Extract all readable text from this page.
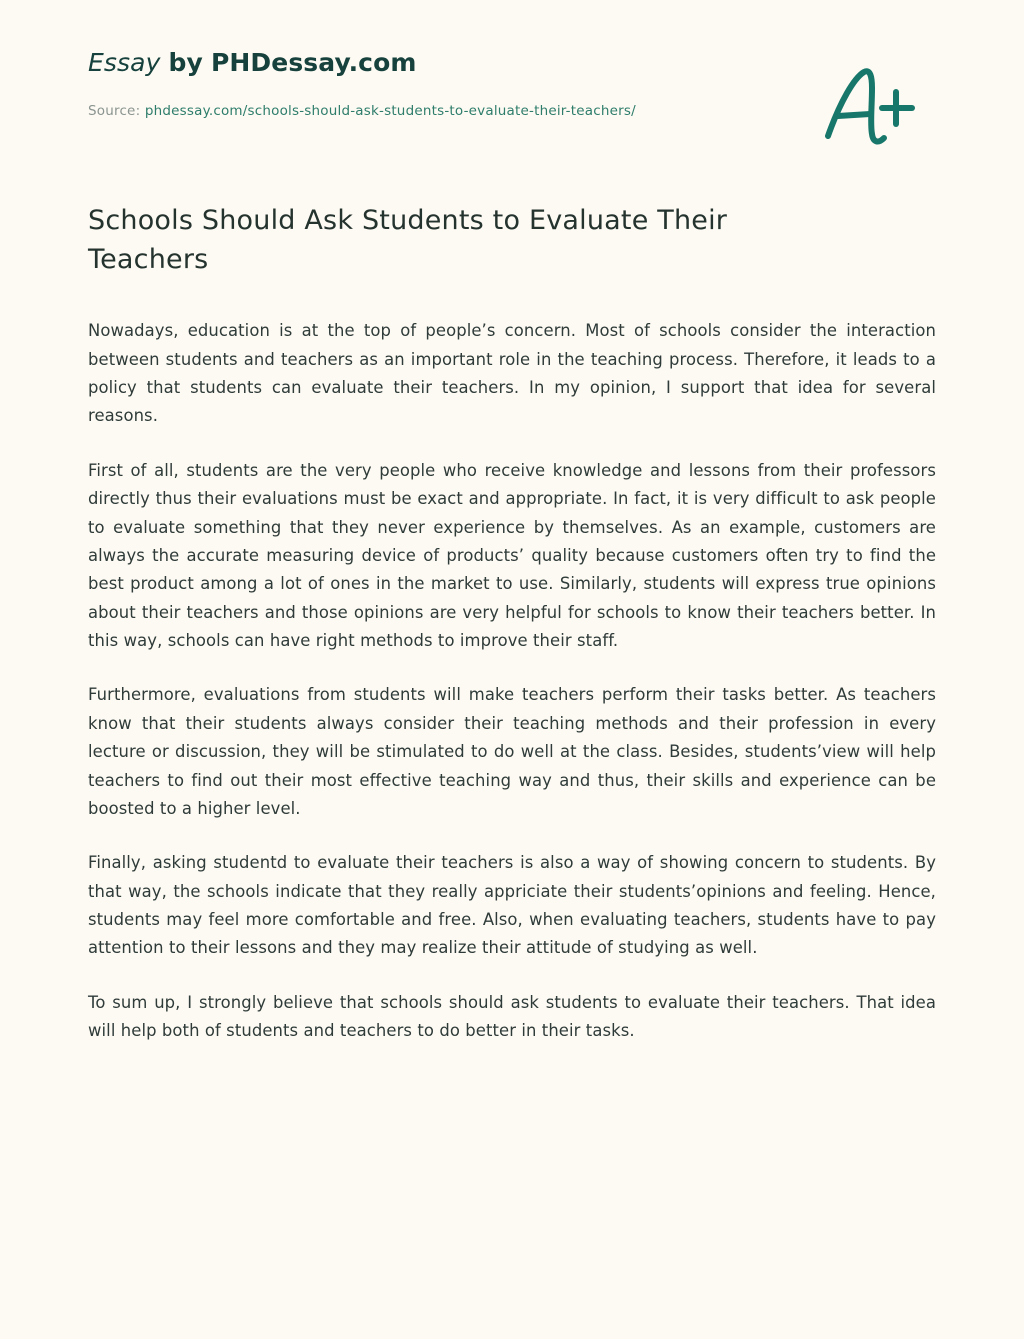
Essay by PHDessay.com
Source: phdessay.com/schools-should-ask-students-to-evaluate-their-teachers/
Schools Should Ask Students to Evaluate Their Teachers

Nowadays, education is at the top of people’s concern. Most of schools consider the interaction between students and teachers as an important role in the teaching process. Therefore, it leads to a policy that students can evaluate their teachers. In my opinion, I support that idea for several reasons.

First of all, students are the very people who receive knowledge and lessons from their professors directly thus their evaluations must be exact and appropriate. In fact, it is very difficult to ask people to evaluate something that they never experience by themselves. As an example, customers are always the accurate measuring device of products’ quality because customers often try to find the best product among a lot of ones in the market to use. Similarly, students will express true opinions about their teachers and those opinions are very helpful for schools to know their teachers better. In this way, schools can have right methods to improve their staff.

Furthermore, evaluations from students will make teachers perform their tasks better. As teachers know that their students always consider their teaching methods and their profession in every lecture or discussion, they will be stimulated to do well at the class. Besides, students’view will help teachers to find out their most effective teaching way and thus, their skills and experience can be boosted to a higher level.

Finally, asking studentd to evaluate their teachers is also a way of showing concern to students. By that way, the schools indicate that they really appriciate their students’opinions and feeling. Hence, students may feel more comfortable and free. Also, when evaluating teachers, students have to pay attention to their lessons and they may realize their attitude of studying as well.

To sum up, I strongly believe that schools should ask students to evaluate their teachers. That idea will help both of students and teachers to do better in their tasks.
